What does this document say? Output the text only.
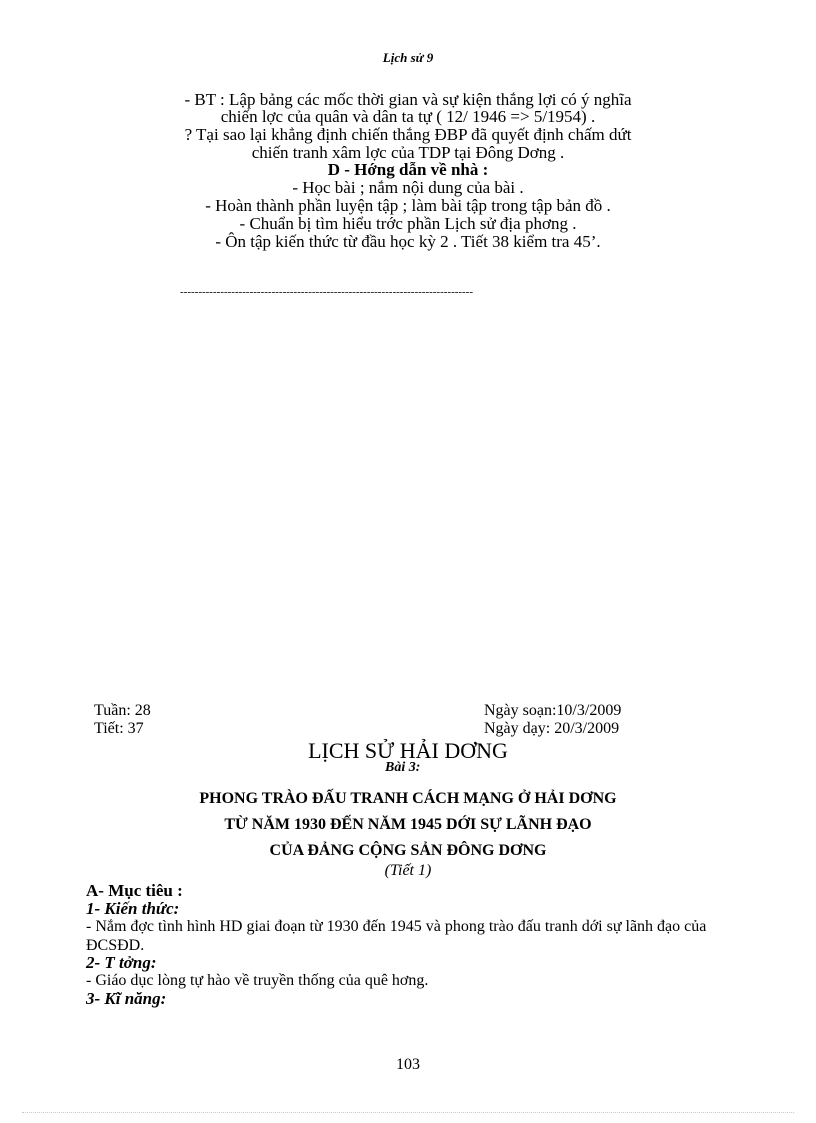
Lịch sử 9
- BT : Lập bảng các mốc thời gian và sự kiện thắng lợi có ý nghĩa
chiến lợc của quân và dân ta tự ( 12/ 1946 => 5/1954) .
? Tại sao lại khẳng định chiến thắng ĐBP đã quyết định chấm dứt
chiến tranh xâm lợc của TDP tại Đông Dơng .
D - Hớng dẫn về nhà :
- Học bài ; nắm nội dung của bài .
- Hoàn thành phần luyện tập ; làm bài tập trong tập bản đồ .
- Chuẩn bị tìm hiểu trớc phần Lịch sử địa phơng .
- Ôn tập kiến thức từ đầu học kỳ 2 . Tiết 38 kiểm tra 45’.
--------------------------------------------------------------------------------
Tuần: 28
Tiết: 37
Ngày soạn:10/3/2009
Ngày dạy: 20/3/2009
LỊCH SỬ HẢI DƠNG
Bài 3:
PHONG TRÀO ĐẤU TRANH CÁCH MẠNG Ở HẢI DƠNG
TỪ NĂM 1930 ĐẾN NĂM 1945 DỚI SỰ LÃNH ĐẠO
CỦA ĐẢNG CỘNG SẢN ĐÔNG DƠNG
(Tiết 1)
A- Mục tiêu :
1- Kiến thức:
- Nắm đợc tình hình HD giai đoạn từ 1930 đến 1945 và phong trào đấu tranh dới sự lãnh đạo của ĐCSĐD.
2- T tởng:
- Giáo dục lòng tự hào về truyền thống của quê hơng.
3- Kĩ năng:
103
